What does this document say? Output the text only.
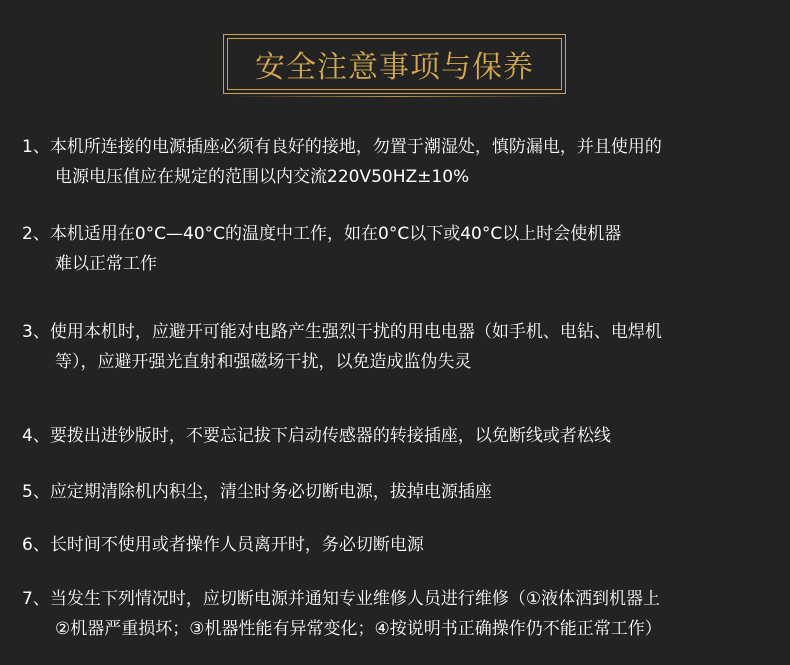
安全注意事项与保养
1、本机所连接的电源插座必须有良好的接地，勿置于潮湿处，慎防漏电，并且使用的
电源电压值应在规定的范围以内交流220V50HZ±10%
2、本机适用在0°C—40°C的温度中工作，如在0°C以下或40°C以上时会使机器
难以正常工作
3、使用本机时，应避开可能对电路产生强烈干扰的用电电器（如手机、电钻、电焊机
等），应避开强光直射和强磁场干扰，以免造成监伪失灵
4、要拨出进钞版时，不要忘记拔下启动传感器的转接插座，以免断线或者松线
5、应定期清除机内积尘，清尘时务必切断电源，拔掉电源插座
6、长时间不使用或者操作人员离开时，务必切断电源
7、当发生下列情况时，应切断电源并通知专业维修人员进行维修（①液体洒到机器上
②机器严重损坏；③机器性能有异常变化；④按说明书正确操作仍不能正常工作）
